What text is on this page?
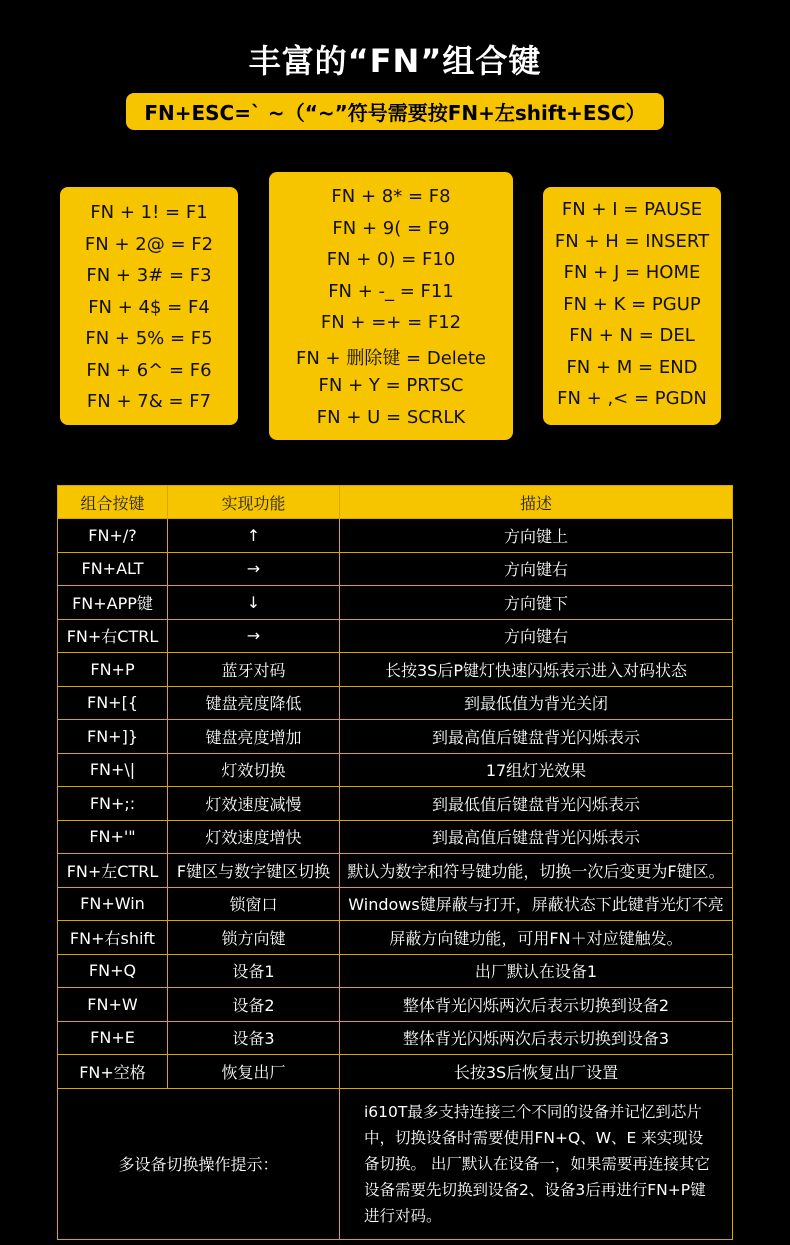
丰富的“FN”组合键
FN+ESC=` ~（“~”符号需要按FN+左shift+ESC）
FN + 1! = F1
FN + 2@ = F2
FN + 3# = F3
FN + 4$ = F4
FN + 5% = F5
FN + 6^ = F6
FN + 7& = F7
FN + 8* = F8
FN + 9( = F9
FN + 0) = F10
FN + -_ = F11
FN + =+ = F12
FN + 删除键 = Delete
FN + Y = PRTSC
FN + U = SCRLK
FN + I = PAUSE
FN + H = INSERT
FN + J = HOME
FN + K = PGUP
FN + N = DEL
FN + M = END
FN + ,< = PGDN
组合按键	实现功能	描述
FN+/?	↑	方向键上
FN+ALT	→	方向键右
FN+APP键	↓	方向键下
FN+右CTRL	→	方向键右
FN+P	蓝牙对码	长按3S后P键灯快速闪烁表示进入对码状态
FN+[{	键盘亮度降低	到最低值为背光关闭
FN+]}	键盘亮度增加	到最高值后键盘背光闪烁表示
FN+\|	灯效切换	17组灯光效果
FN+;:	灯效速度减慢	到最低值后键盘背光闪烁表示
FN+'"	灯效速度增快	到最高值后键盘背光闪烁表示
FN+左CTRL	F键区与数字键区切换	默认为数字和符号键功能，切换一次后变更为F键区。
FN+Win	锁窗口	Windows键屏蔽与打开，屏蔽状态下此键背光灯不亮
FN+右shift	锁方向键	屏蔽方向键功能，可用FN＋对应键触发。
FN+Q	设备1	出厂默认在设备1
FN+W	设备2	整体背光闪烁两次后表示切换到设备2
FN+E	设备3	整体背光闪烁两次后表示切换到设备3
FN+空格	恢复出厂	长按3S后恢复出厂设置
多设备切换操作提示：		i610T最多支持连接三个不同的设备并记忆到芯片中，切换设备时需要使用FN+Q、W、E 来实现设备切换。 出厂默认在设备一，如果需要再连接其它设备需要先切换到设备2、设备3后再进行FN+P键进行对码。
